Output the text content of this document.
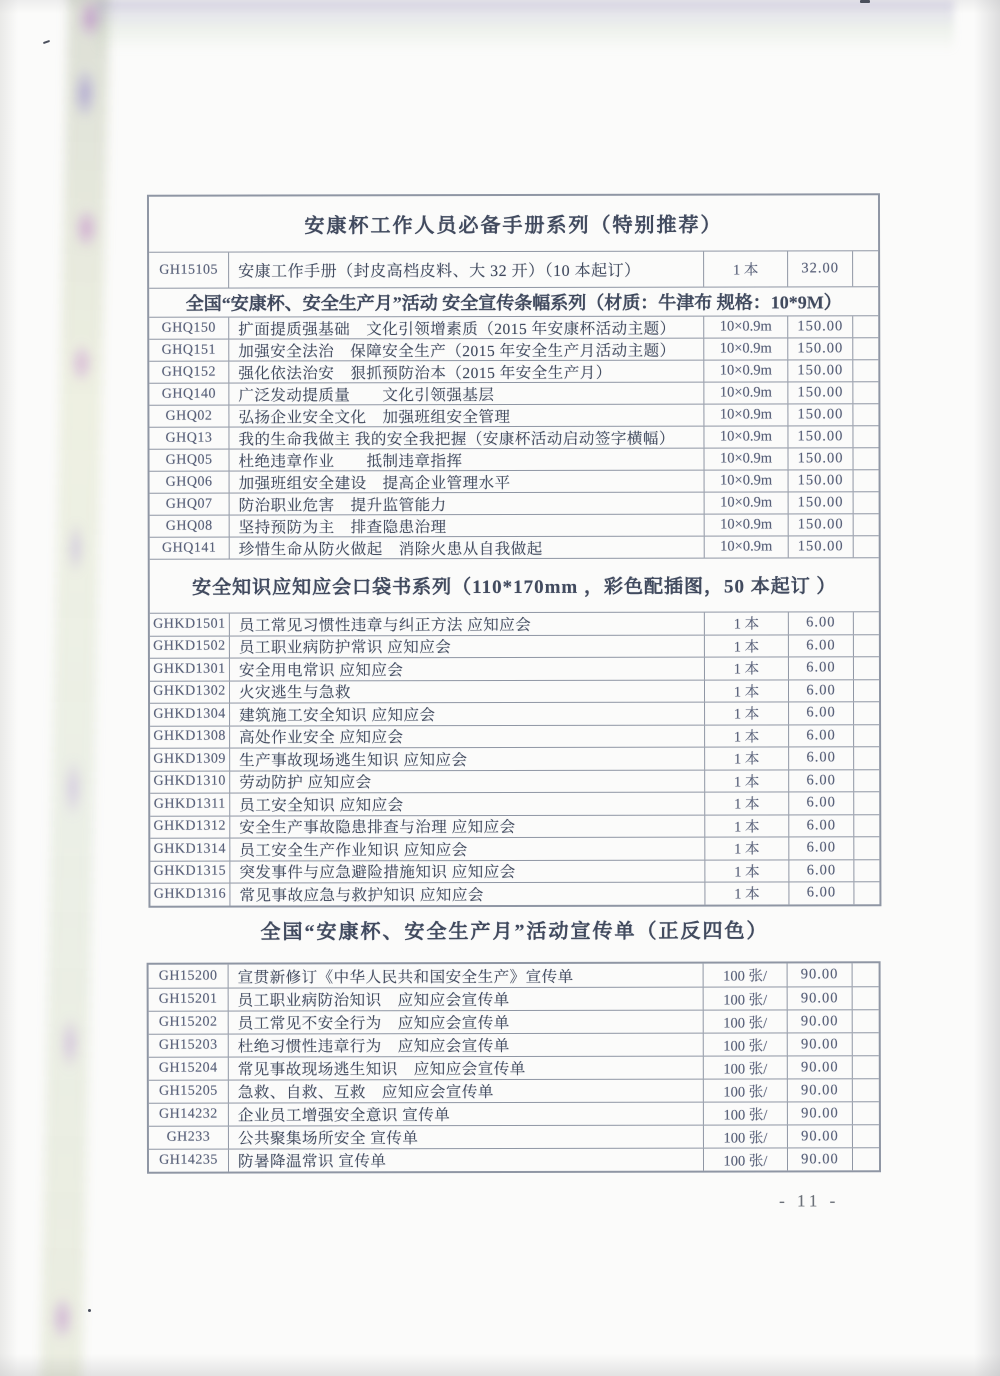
安康杯工作人员必备手册系列（特别推荐）
GH15105	安康工作手册（封皮高档皮料、大 32 开）（10 本起订）	1 本	32.00
全国“安康杯、安全生产月”活动 安全宣传条幅系列（材质：牛津布 规格：10*9M）
GHQ150	扩面提质强基础　文化引领增素质（2015 年安康杯活动主题）	10×0.9m	150.00
GHQ151	加强安全法治　保障安全生产（2015 年安全生产月活动主题）	10×0.9m	150.00
GHQ152	强化依法治安　狠抓预防治本（2015 年安全生产月）	10×0.9m	150.00
GHQ140	广泛发动提质量　　文化引领强基层	10×0.9m	150.00
GHQ02	弘扬企业安全文化　加强班组安全管理	10×0.9m	150.00
GHQ13	我的生命我做主 我的安全我把握（安康杯活动启动签字横幅）	10×0.9m	150.00
GHQ05	杜绝违章作业　　抵制违章指挥	10×0.9m	150.00
GHQ06	加强班组安全建设　提高企业管理水平	10×0.9m	150.00
GHQ07	防治职业危害　提升监管能力	10×0.9m	150.00
GHQ08	坚持预防为主　排查隐患治理	10×0.9m	150.00
GHQ141	珍惜生命从防火做起　消除火患从自我做起	10×0.9m	150.00
安全知识应知应会口袋书系列（110*170mm ，彩色配插图，50 本起订 ）
GHKD1501 员工常见习惯性违章与纠正方法 应知应会	1 本	6.00
GHKD1502 员工职业病防护常识 应知应会	1 本	6.00
GHKD1301 安全用电常识 应知应会	1 本	6.00
GHKD1302 火灾逃生与急救	1 本	6.00
GHKD1304 建筑施工安全知识 应知应会	1 本	6.00
GHKD1308 高处作业安全 应知应会	1 本	6.00
GHKD1309 生产事故现场逃生知识 应知应会	1 本	6.00
GHKD1310 劳动防护 应知应会	1 本	6.00
GHKD1311 员工安全知识 应知应会	1 本	6.00
GHKD1312 安全生产事故隐患排查与治理 应知应会	1 本	6.00
GHKD1314 员工安全生产作业知识 应知应会	1 本	6.00
GHKD1315 突发事件与应急避险措施知识 应知应会	1 本	6.00
GHKD1316 常见事故应急与救护知识 应知应会	1 本	6.00
全国“安康杯、安全生产月”活动宣传单（正反四色）
GH15200	宣贯新修订《中华人民共和国安全生产》宣传单	100 张/	90.00
GH15201	员工职业病防治知识　应知应会宣传单	100 张/	90.00
GH15202	员工常见不安全行为　应知应会宣传单	100 张/	90.00
GH15203	杜绝习惯性违章行为　应知应会宣传单	100 张/	90.00
GH15204	常见事故现场逃生知识　应知应会宣传单	100 张/	90.00
GH15205	急救、自救、互救　应知应会宣传单	100 张/	90.00
GH14232	企业员工增强安全意识 宣传单	100 张/	90.00
GH233	公共聚集场所安全 宣传单	100 张/	90.00
GH14235	防暑降温常识 宣传单	100 张/	90.00
- 11 -
